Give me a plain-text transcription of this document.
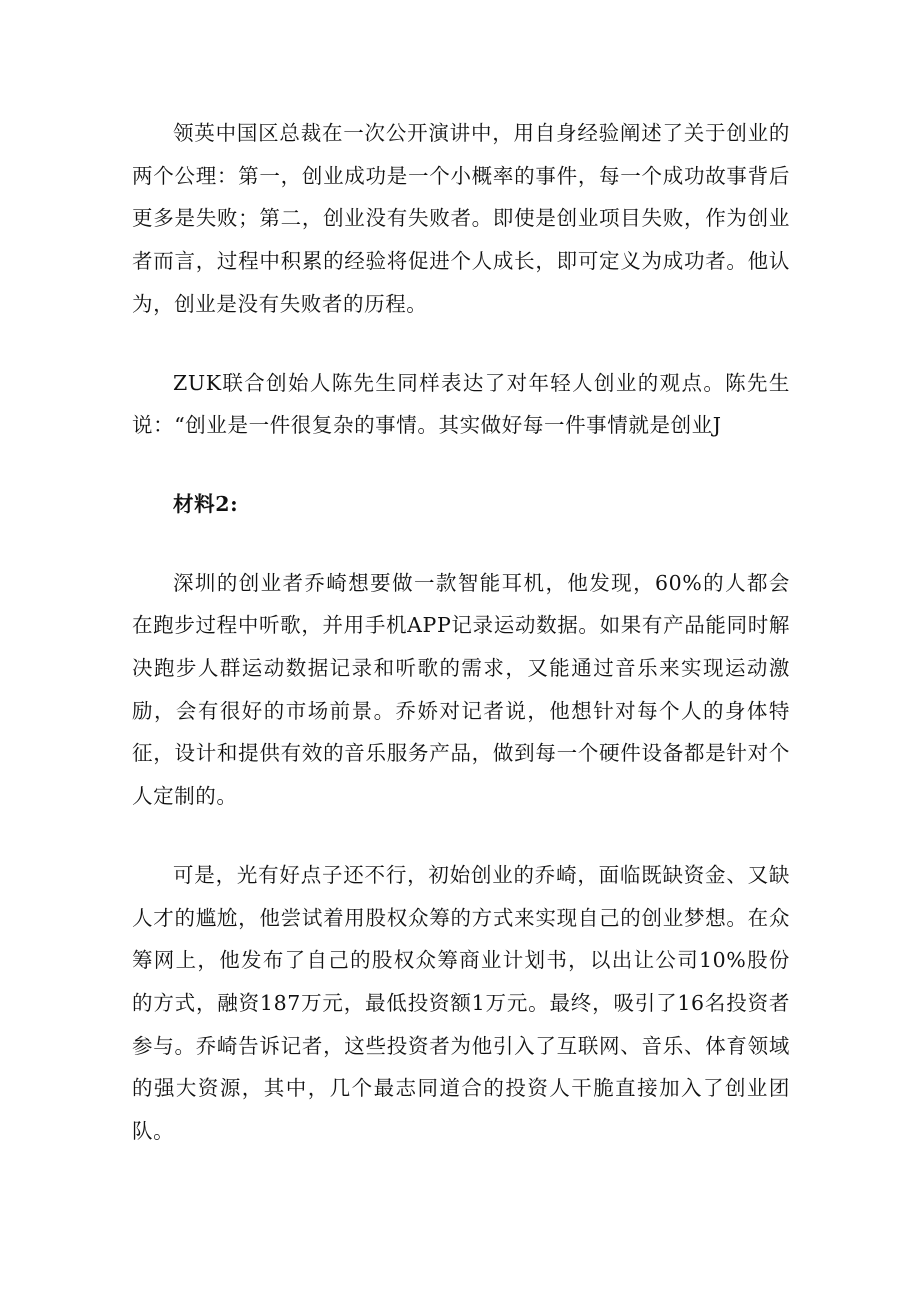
领英中国区总裁在一次公开演讲中，用自身经验阐述了关于创业的两个公理：第一，创业成功是一个小概率的事件，每一个成功故事背后更多是失败；第二，创业没有失败者。即使是创业项目失败，作为创业者而言，过程中积累的经验将促进个人成长，即可定义为成功者。他认为，创业是没有失败者的历程。

ZUK联合创始人陈先生同样表达了对年轻人创业的观点。陈先生说：“创业是一件很复杂的事情。其实做好每一件事情就是创业J

材料2:

深圳的创业者乔崎想要做一款智能耳机，他发现，60%的人都会在跑步过程中听歌，并用手机APP记录运动数据。如果有产品能同时解决跑步人群运动数据记录和听歌的需求，又能通过音乐来实现运动激励，会有很好的市场前景。乔娇对记者说，他想针对每个人的身体特征，设计和提供有效的音乐服务产品，做到每一个硬件设备都是针对个人定制的。

可是，光有好点子还不行，初始创业的乔崎，面临既缺资金、又缺人才的尴尬，他尝试着用股权众筹的方式来实现自己的创业梦想。在众筹网上，他发布了自己的股权众筹商业计划书，以出让公司10%股份的方式，融资187万元，最低投资额1万元。最终，吸引了16名投资者参与。乔崎告诉记者，这些投资者为他引入了互联网、音乐、体育领域的强大资源，其中，几个最志同道合的投资人干脆直接加入了创业团队。
